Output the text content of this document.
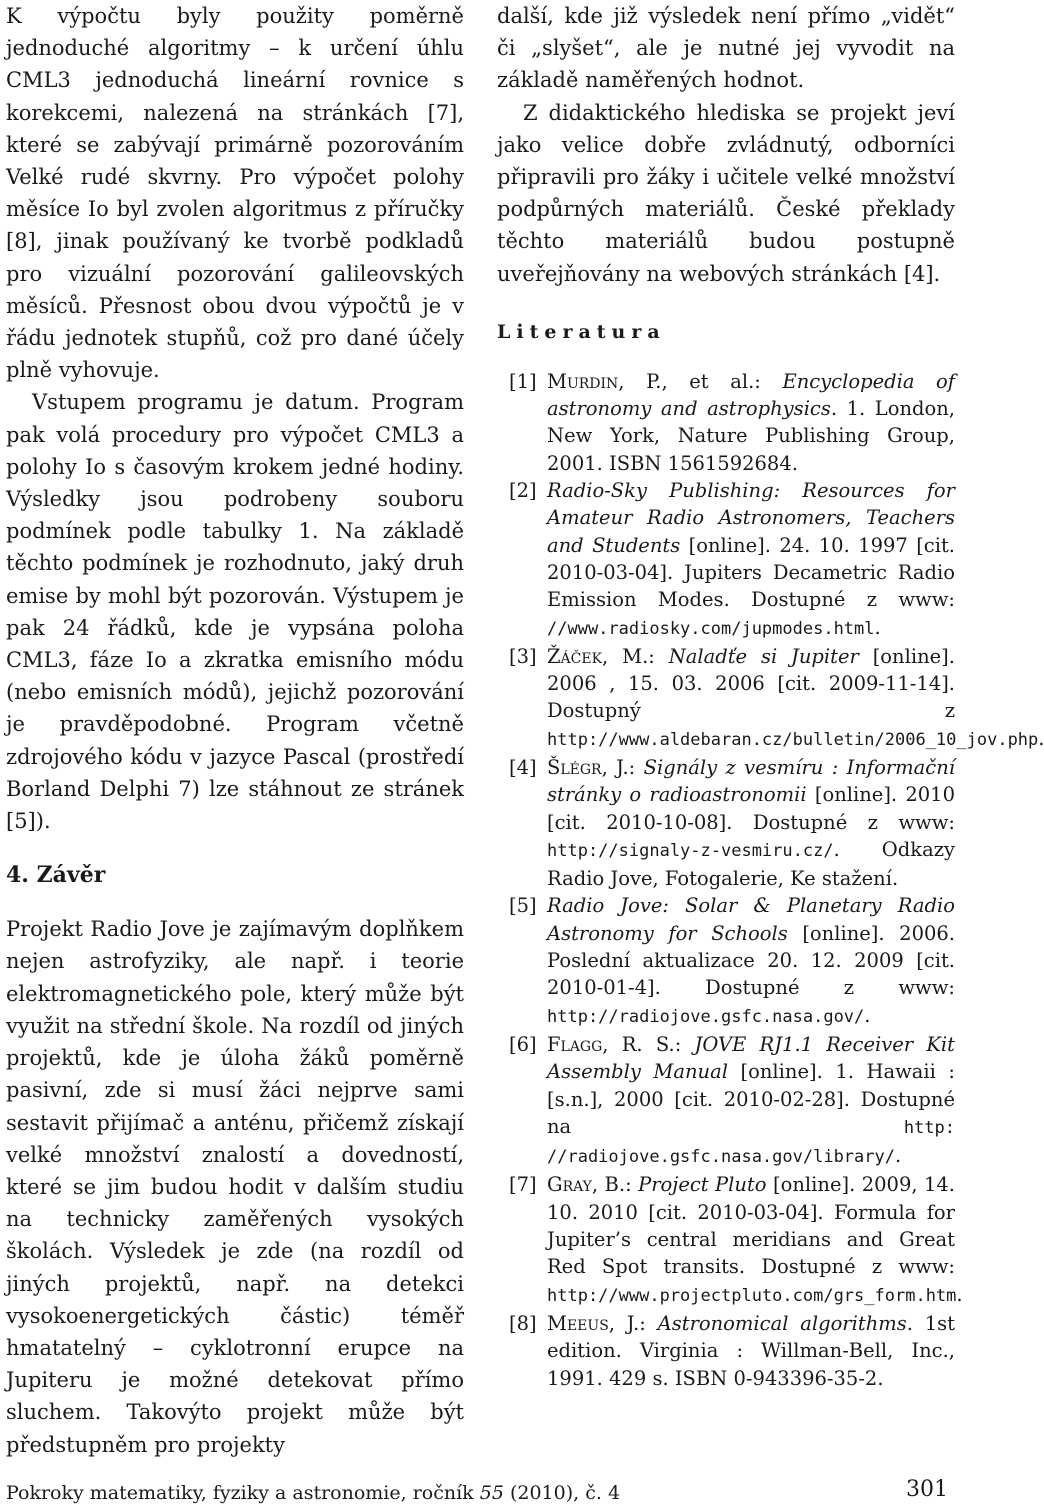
K výpočtu byly použity poměrně jednoduché algoritmy – k určení úhlu CML3 jednoduchá lineární rovnice s korekcemi, nalezená na stránkách [7], které se zabývají primárně pozorováním Velké rudé skvrny. Pro výpočet polohy měsíce Io byl zvolen algoritmus z příručky [8], jinak používaný ke tvorbě podkladů pro vizuální pozorování galileovských měsíců. Přesnost obou dvou výpočtů je v řádu jednotek stupňů, což pro dané účely plně vyhovuje.

Vstupem programu je datum. Program pak volá procedury pro výpočet CML3 a polohy Io s časovým krokem jedné hodiny. Výsledky jsou podrobeny souboru podmínek podle tabulky 1. Na základě těchto podmínek je rozhodnuto, jaký druh emise by mohl být pozorován. Výstupem je pak 24 řádků, kde je vypsána poloha CML3, fáze Io a zkratka emisního módu (nebo emisních módů), jejichž pozorování je pravděpodobné. Program včetně zdrojového kódu v jazyce Pascal (prostředí Borland Delphi 7) lze stáhnout ze stránek [5]).

4. Závěr

Projekt Radio Jove je zajímavým doplňkem nejen astrofyziky, ale např. i teorie elektromagnetického pole, který může být využit na střední škole. Na rozdíl od jiných projektů, kde je úloha žáků poměrně pasivní, zde si musí žáci nejprve sami sestavit přijímač a anténu, přičemž získají velké množství znalostí a dovedností, které se jim budou hodit v dalším studiu na technicky zaměřených vysokých školách. Výsledek je zde (na rozdíl od jiných projektů, např. na detekci vysokoenergetických částic) téměř hmatatelný – cyklotronní erupce na Jupiteru je možné detekovat přímo sluchem. Takovýto projekt může být předstupněm pro projekty

další, kde již výsledek není přímo „vidět“ či „slyšet“, ale je nutné jej vyvodit na základě naměřených hodnot.

Z didaktického hlediska se projekt jeví jako velice dobře zvládnutý, odborníci připravili pro žáky i učitele velké množství podpůrných materiálů. České překlady těchto materiálů budou postupně uveřejňovány na webových stránkách [4].

Literatura
[1] Murdin, P., et al.: Encyclopedia of astronomy and astrophysics. 1. London, New York, Nature Publishing Group, 2001. ISBN 1561592684.
[2] Radio-Sky Publishing: Resources for Amateur Radio Astronomers, Teachers and Students [online]. 24. 10. 1997 [cit. 2010-03-04]. Jupiters Decametric Radio Emission Modes. Dostupné z www: //www.radiosky.com/jupmodes.html.
[3] Žáček, M.: Naladťe si Jupiter [online]. 2006 , 15. 03. 2006 [cit. 2009-11-14]. Dostupný z http://www.aldebaran.cz/bulletin/2006_10_jov.php.
[4] Šlégr, J.: Signály z vesmíru : Informační stránky o radioastronomii [online]. 2010 [cit. 2010-10-08]. Dostupné z www: http://signaly-z-vesmiru.cz/. Odkazy Radio Jove, Fotogalerie, Ke stažení.
[5] Radio Jove: Solar & Planetary Radio Astronomy for Schools [online]. 2006. Poslední aktualizace 20. 12. 2009 [cit. 2010-01-4]. Dostupné z www: http://radiojove.gsfc.nasa.gov/.
[6] Flagg, R. S.: JOVE RJ1.1 Receiver Kit Assembly Manual [online]. 1. Hawaii : [s.n.], 2000 [cit. 2010-02-28]. Dostupné na http: //radiojove.gsfc.nasa.gov/library/.
[7] Gray, B.: Project Pluto [online]. 2009, 14. 10. 2010 [cit. 2010-03-04]. Formula for Jupiter’s central meridians and Great Red Spot transits. Dostupné z www: http://www.projectpluto.com/grs_form.htm.
[8] Meeus, J.: Astronomical algorithms. 1st edition. Virginia : Willman-Bell, Inc., 1991. 429 s. ISBN 0-943396-35-2.
Pokroky matematiky, fyziky a astronomie, ročník 55 (2010), č. 4	301
